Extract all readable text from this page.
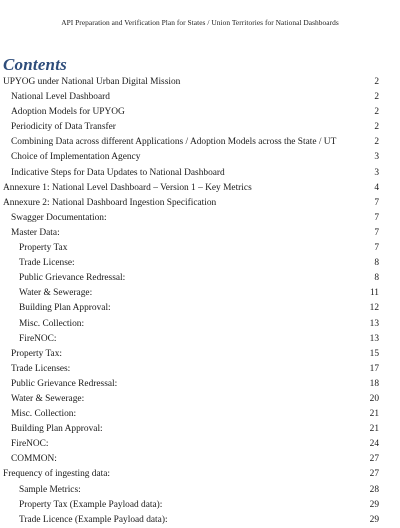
API Preparation and Verification Plan for States / Union Territories for National Dashboards
Contents
UPYOG under National Urban Digital Mission	2
National Level Dashboard	2
Adoption Models for UPYOG	2
Periodicity of Data Transfer	2
Combining Data across different Applications / Adoption Models across the State / UT	2
Choice of Implementation Agency	3
Indicative Steps for Data Updates to National Dashboard	3
Annexure 1: National Level Dashboard – Version 1 – Key Metrics	4
Annexure 2: National Dashboard Ingestion Specification	7
Swagger Documentation:	7
Master Data:	7
Property Tax	7
Trade License:	8
Public Grievance Redressal:	8
Water & Sewerage:	11
Building Plan Approval:	12
Misc. Collection:	13
FireNOC:	13
Property Tax:	15
Trade Licenses:	17
Public Grievance Redressal:	18
Water & Sewerage:	20
Misc. Collection:	21
Building Plan Approval:	21
FireNOC:	24
COMMON:	27
Frequency of ingesting data:	27
Sample Metrics:	28
Property Tax (Example Payload data):	29
Trade Licence (Example Payload data):	29
